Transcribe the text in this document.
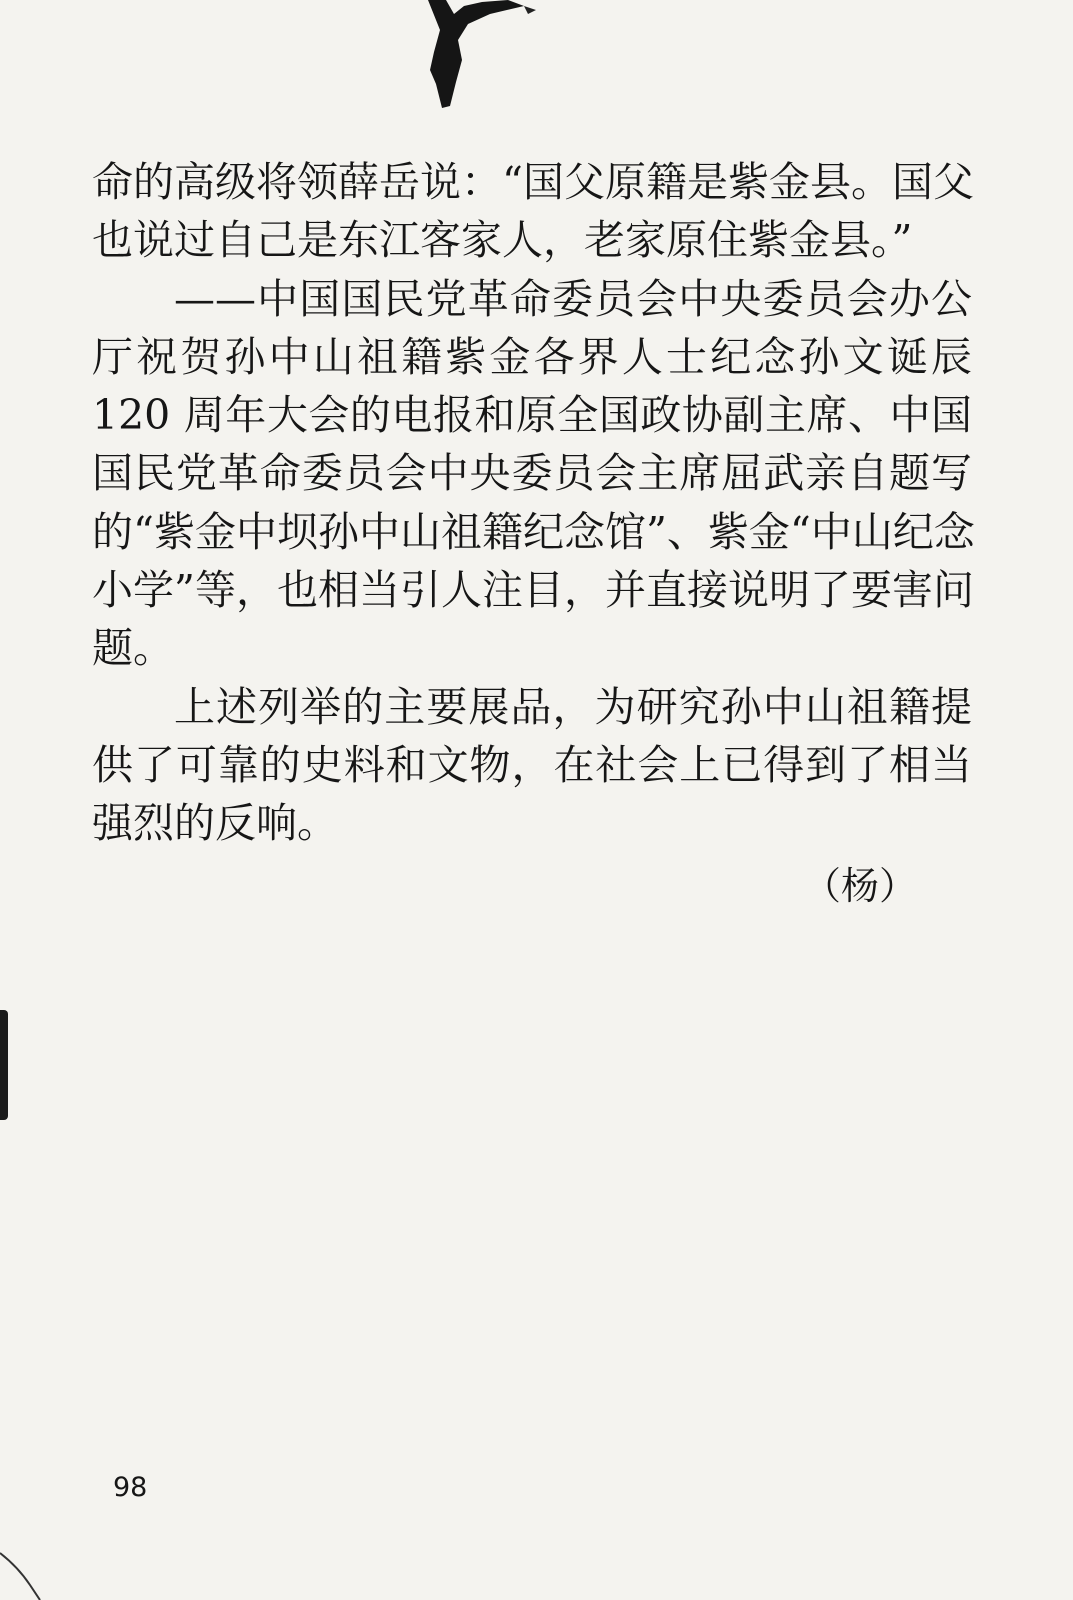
命的高级将领薛岳说：“国父原籍是紫金县。国父
也说过自己是东江客家人，老家原住紫金县。”
——中国国民党革命委员会中央委员会办公
厅祝贺孙中山祖籍紫金各界人士纪念孙文诞辰
120 周年大会的电报和原全国政协副主席、中国
国民党革命委员会中央委员会主席屈武亲自题写
的“紫金中坝孙中山祖籍纪念馆”、紫金“中山纪念
小学”等，也相当引人注目，并直接说明了要害问
题。
上述列举的主要展品，为研究孙中山祖籍提
供了可靠的史料和文物，在社会上已得到了相当
强烈的反响。
（杨）
98
